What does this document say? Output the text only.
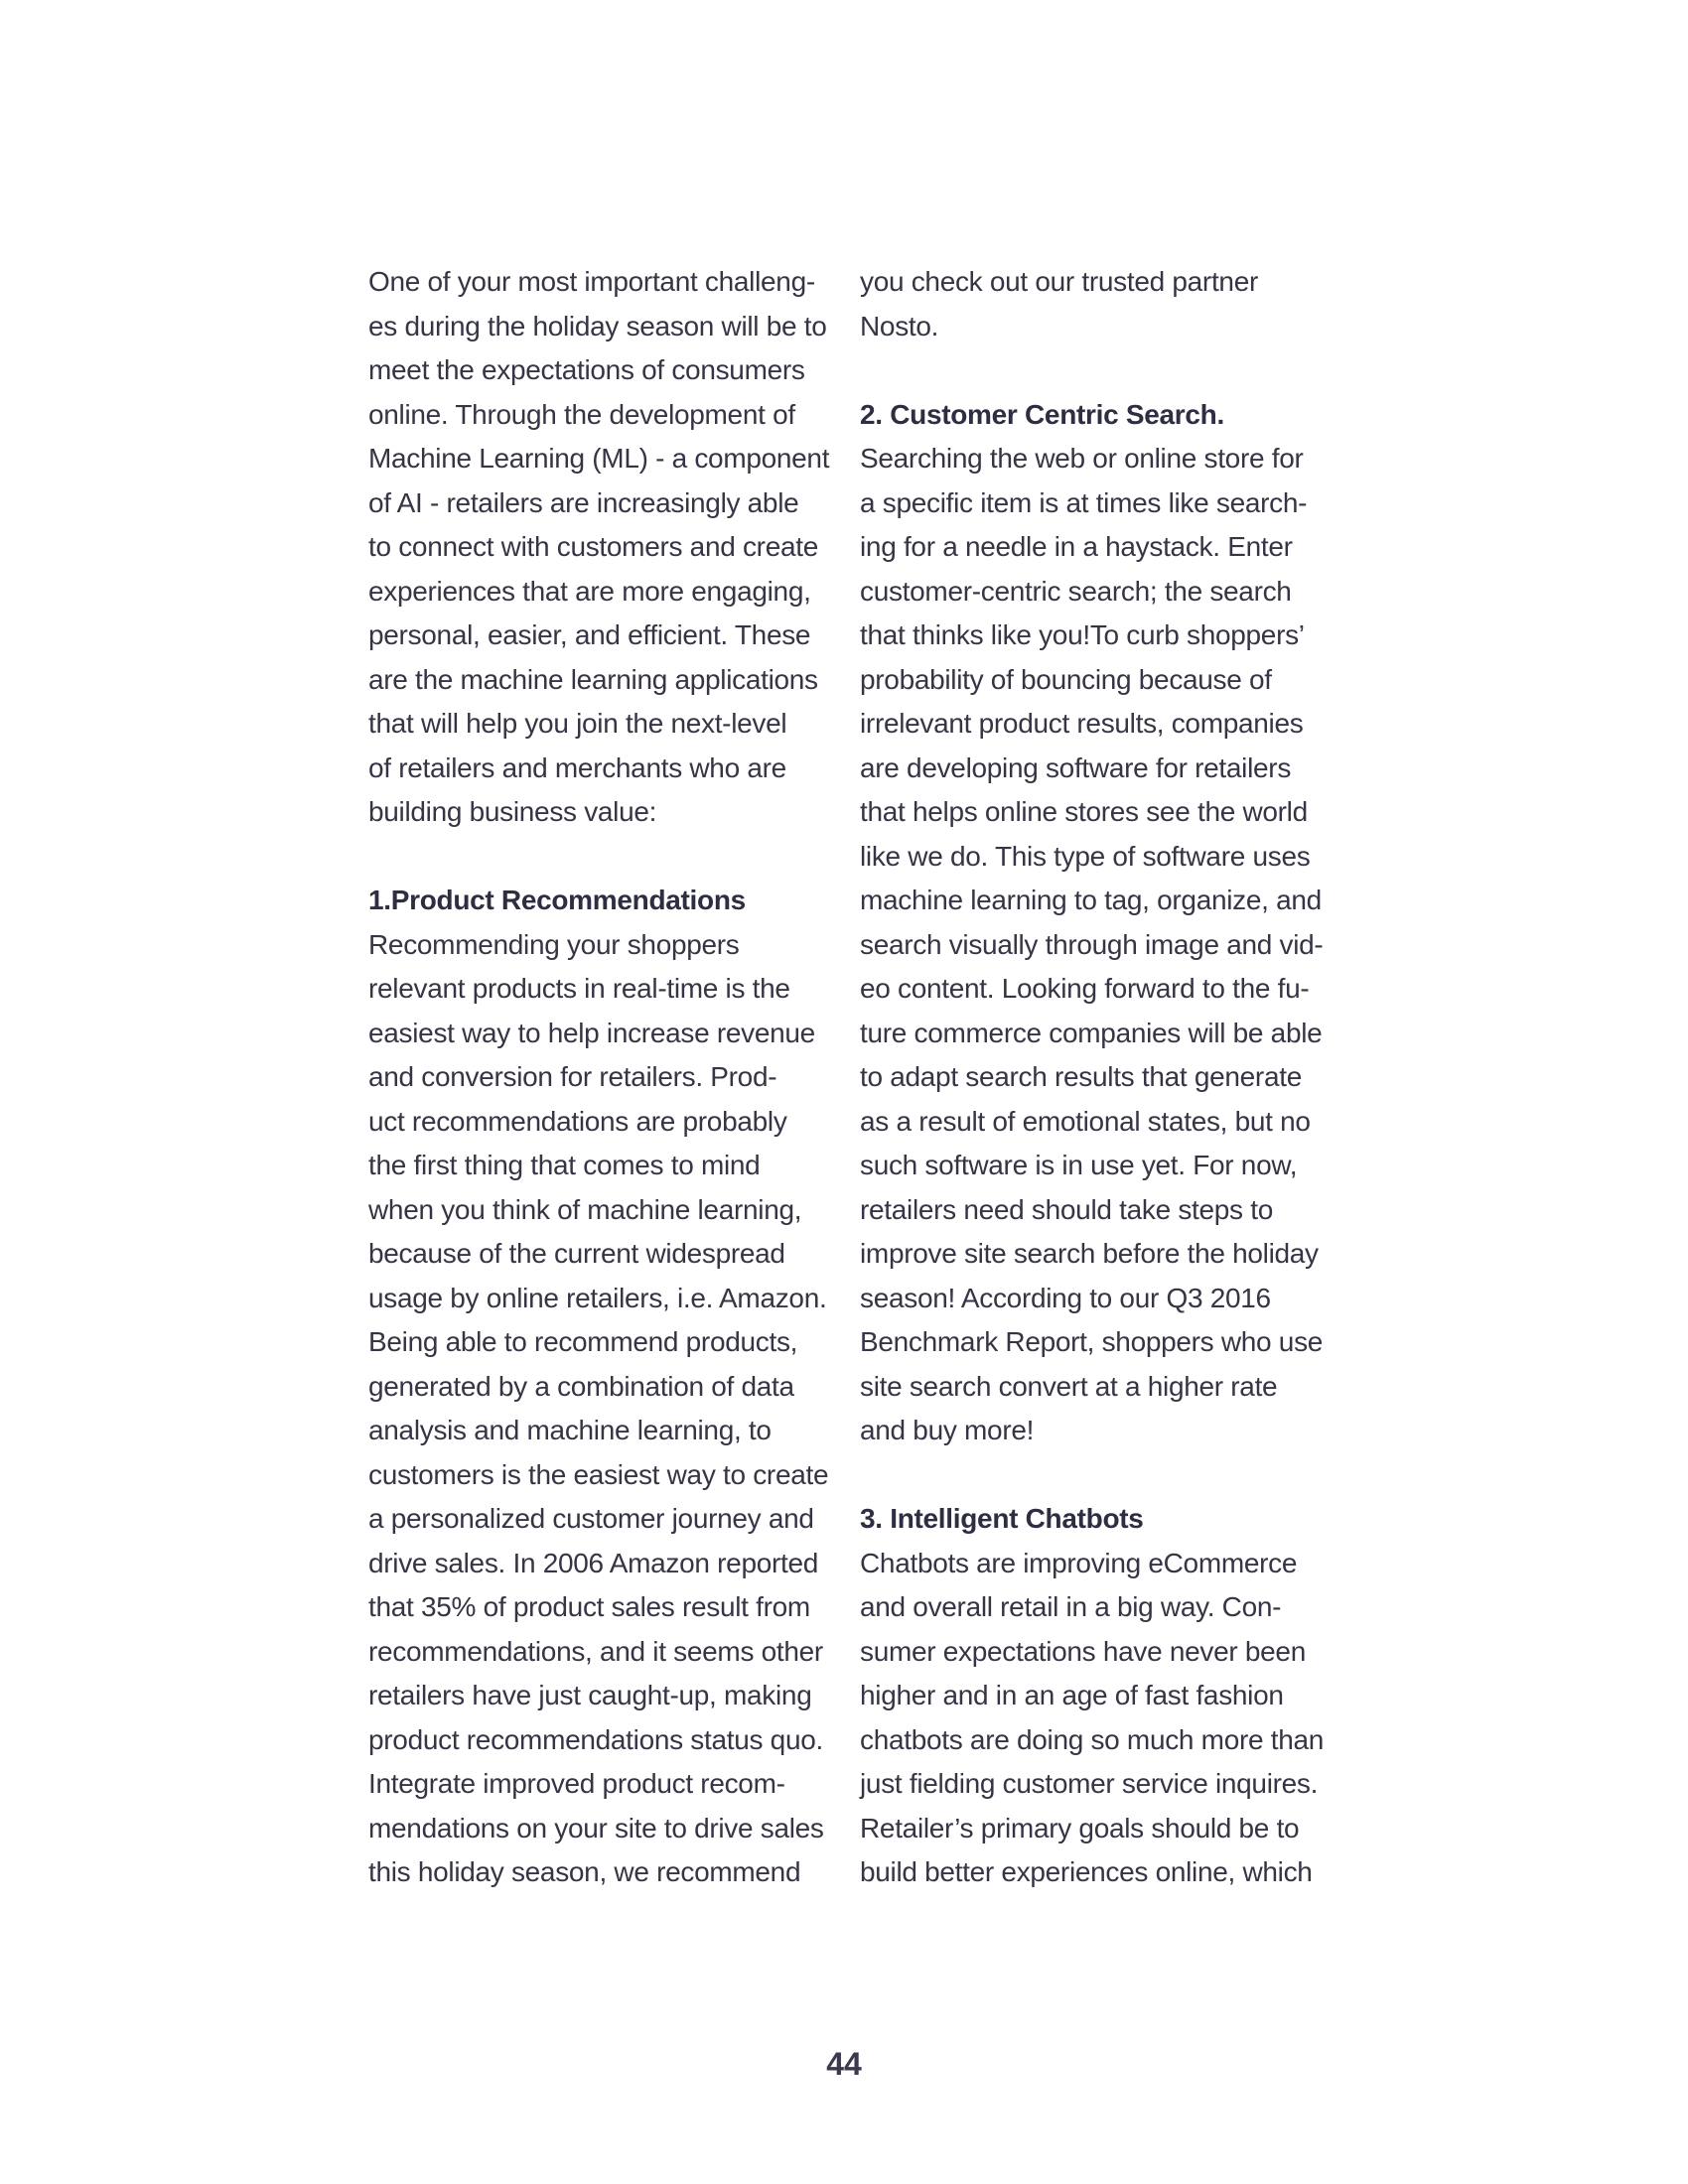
One of your most important challeng-
es during the holiday season will be to
meet the expectations of consumers
online. Through the development of
Machine Learning (ML) - a component
of AI - retailers are increasingly able
to connect with customers and create
experiences that are more engaging,
personal, easier, and efficient. These
are the machine learning applications
that will help you join the next-level
of retailers and merchants who are
building business value:
1.Product Recommendations
Recommending your shoppers
relevant products in real-time is the
easiest way to help increase revenue
and conversion for retailers. Prod-
uct recommendations are probably
the first thing that comes to mind
when you think of machine learning,
because of the current widespread
usage by online retailers, i.e. Amazon.
Being able to recommend products,
generated by a combination of data
analysis and machine learning, to
customers is the easiest way to create
a personalized customer journey and
drive sales. In 2006 Amazon reported
that 35% of product sales result from
recommendations, and it seems other
retailers have just caught-up, making
product recommendations status quo.
Integrate improved product recom-
mendations on your site to drive sales
this holiday season, we recommend
you check out our trusted partner
Nosto.
2. Customer Centric Search.
Searching the web or online store for
a specific item is at times like search-
ing for a needle in a haystack. Enter
customer-centric search; the search
that thinks like you!To curb shoppers’
probability of bouncing because of
irrelevant product results, companies
are developing software for retailers
that helps online stores see the world
like we do. This type of software uses
machine learning to tag, organize, and
search visually through image and vid-
eo content. Looking forward to the fu-
ture commerce companies will be able
to adapt search results that generate
as a result of emotional states, but no
such software is in use yet. For now,
retailers need should take steps to
improve site search before the holiday
season! According to our Q3 2016
Benchmark Report, shoppers who use
site search convert at a higher rate
and buy more!
3. Intelligent Chatbots
Chatbots are improving eCommerce
and overall retail in a big way. Con-
sumer expectations have never been
higher and in an age of fast fashion
chatbots are doing so much more than
just fielding customer service inquires.
Retailer’s primary goals should be to
build better experiences online, which
44
